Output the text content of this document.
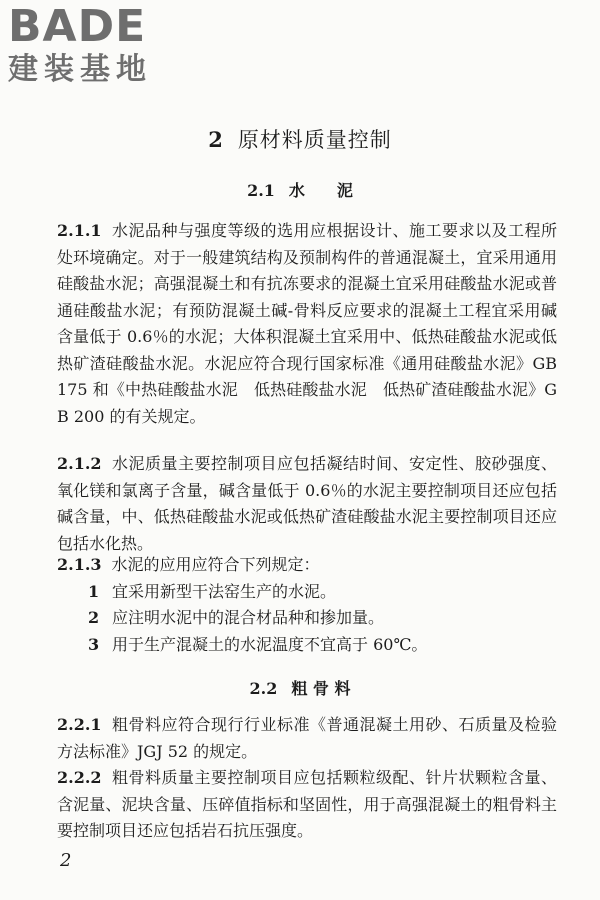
BADE
建装基地
2 原材料质量控制
2.1 水　　泥
2.1.1 水泥品种与强度等级的选用应根据设计、施工要求以及工程所处环境确定。对于一般建筑结构及预制构件的普通混凝土，宜采用通用硅酸盐水泥；高强混凝土和有抗冻要求的混凝土宜采用硅酸盐水泥或普通硅酸盐水泥；有预防混凝土碱-骨料反应要求的混凝土工程宜采用碱含量低于 0.6％的水泥；大体积混凝土宜采用中、低热硅酸盐水泥或低热矿渣硅酸盐水泥。水泥应符合现行国家标准《通用硅酸盐水泥》GB 175 和《中热硅酸盐水泥　低热硅酸盐水泥　低热矿渣硅酸盐水泥》GB 200 的有关规定。
2.1.2 水泥质量主要控制项目应包括凝结时间、安定性、胶砂强度、氧化镁和氯离子含量，碱含量低于 0.6％的水泥主要控制项目还应包括碱含量，中、低热硅酸盐水泥或低热矿渣硅酸盐水泥主要控制项目还应包括水化热。
2.1.3 水泥的应用应符合下列规定：
1 宜采用新型干法窑生产的水泥。
2 应注明水泥中的混合材品种和掺加量。
3 用于生产混凝土的水泥温度不宜高于 60℃。
2.2 粗 骨 料
2.2.1 粗骨料应符合现行行业标准《普通混凝土用砂、石质量及检验方法标准》JGJ 52 的规定。
2.2.2 粗骨料质量主要控制项目应包括颗粒级配、针片状颗粒含量、含泥量、泥块含量、压碎值指标和坚固性，用于高强混凝土的粗骨料主要控制项目还应包括岩石抗压强度。
2
